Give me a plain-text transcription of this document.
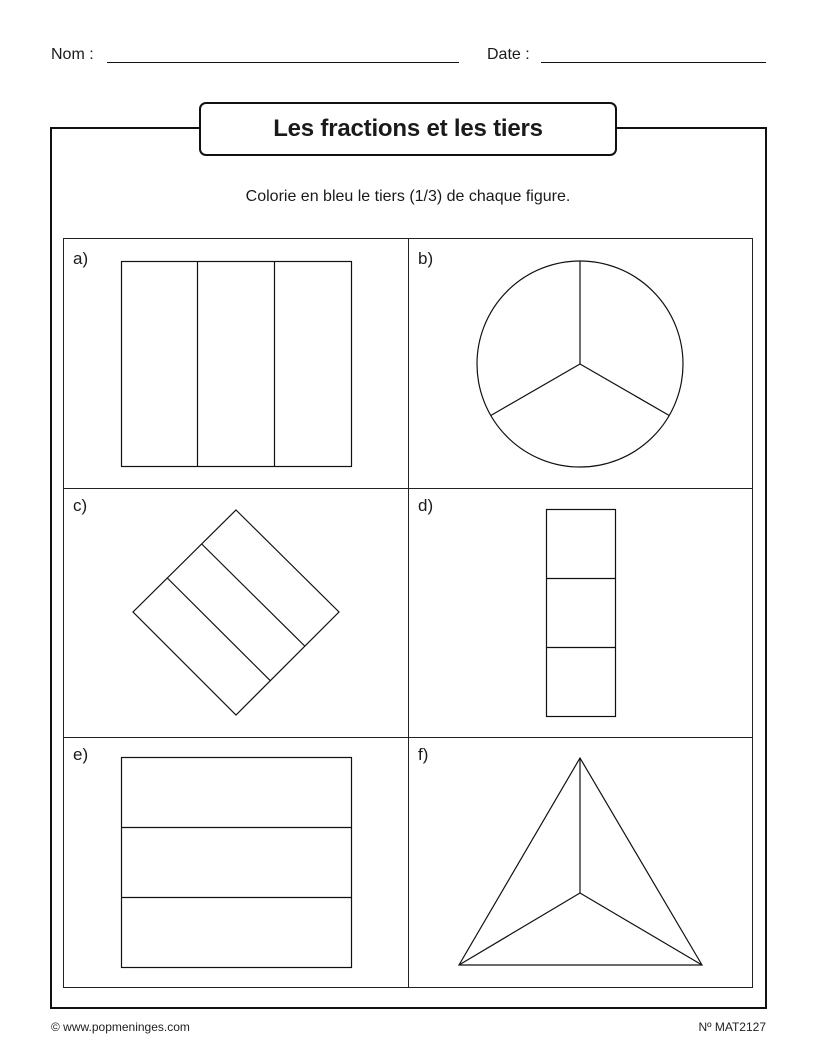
Nom :	Date :
Les fractions et les tiers
Colorie en bleu le tiers (1/3) de chaque figure.
a)	b)
c)	d)
e)	f)
© www.popmeninges.com	Nº MAT2127
